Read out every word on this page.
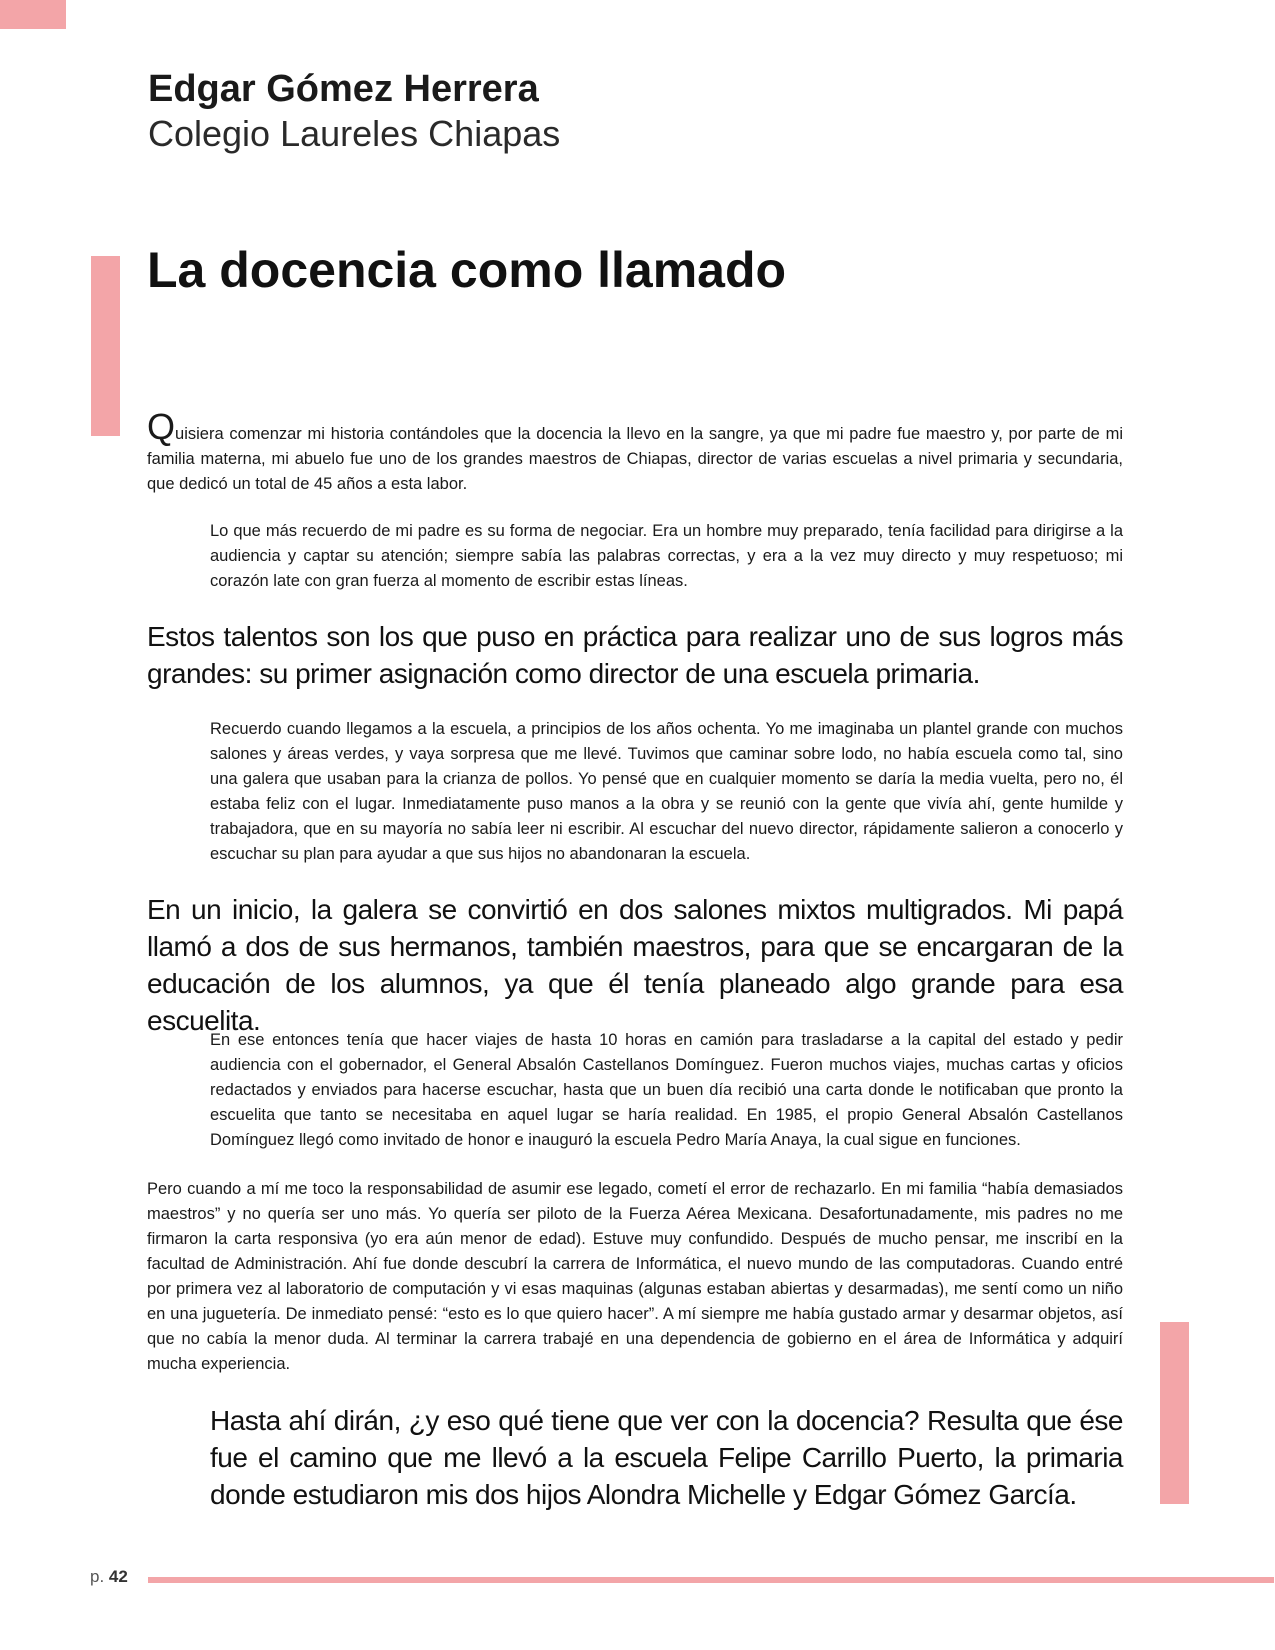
Edgar Gómez Herrera
Colegio Laureles Chiapas
La docencia como llamado

Quisiera comenzar mi historia contándoles que la docencia la llevo en la sangre, ya que mi padre fue maestro y, por parte de mi familia materna, mi abuelo fue uno de los grandes maestros de Chiapas, director de varias escuelas a nivel primaria y secundaria, que dedicó un total de 45 años a esta labor.

Lo que más recuerdo de mi padre es su forma de negociar. Era un hombre muy preparado, tenía facilidad para dirigirse a la audiencia y captar su atención; siempre sabía las palabras correctas, y era a la vez muy directo y muy respetuoso; mi corazón late con gran fuerza al momento de escribir estas líneas.

Estos talentos son los que puso en práctica para realizar uno de sus logros más grandes: su primer asignación como director de una escuela primaria.

Recuerdo cuando llegamos a la escuela, a principios de los años ochenta. Yo me imaginaba un plantel grande con muchos salones y áreas verdes, y vaya sorpresa que me llevé. Tuvimos que caminar sobre lodo, no había escuela como tal, sino una galera que usaban para la crianza de pollos. Yo pensé que en cualquier momento se daría la media vuelta, pero no, él estaba feliz con el lugar. Inmediatamente puso manos a la obra y se reunió con la gente que vivía ahí, gente humilde y trabajadora, que en su mayoría no sabía leer ni escribir. Al escuchar del nuevo director, rápidamente salieron a conocerlo y escuchar su plan para ayudar a que sus hijos no abandonaran la escuela.

En un inicio, la galera se convirtió en dos salones mixtos multigrados. Mi papá llamó a dos de sus hermanos, también maestros, para que se encargaran de la educación de los alumnos, ya que él tenía planeado algo grande para esa escuelita.

En ese entonces tenía que hacer viajes de hasta 10 horas en camión para trasladarse a la capital del estado y pedir audiencia con el gobernador, el General Absalón Castellanos Domínguez. Fueron muchos viajes, muchas cartas y oficios redactados y enviados para hacerse escuchar, hasta que un buen día recibió una carta donde le notificaban que pronto la escuelita que tanto se necesitaba en aquel lugar se haría realidad. En 1985, el propio General Absalón Castellanos Domínguez llegó como invitado de honor e inauguró la escuela Pedro María Anaya, la cual sigue en funciones.

Pero cuando a mí me toco la responsabilidad de asumir ese legado, cometí el error de rechazarlo. En mi familia “había demasiados maestros” y no quería ser uno más. Yo quería ser piloto de la Fuerza Aérea Mexicana. Desafortunadamente, mis padres no me firmaron la carta responsiva (yo era aún menor de edad). Estuve muy confundido. Después de mucho pensar, me inscribí en la facultad de Administración. Ahí fue donde descubrí la carrera de Informática, el nuevo mundo de las computadoras. Cuando entré por primera vez al laboratorio de computación y vi esas maquinas (algunas estaban abiertas y desarmadas), me sentí como un niño en una juguetería. De inmediato pensé: “esto es lo que quiero hacer”. A mí siempre me había gustado armar y desarmar objetos, así que no cabía la menor duda. Al terminar la carrera trabajé en una dependencia de gobierno en el área de Informática y adquirí mucha experiencia.

Hasta ahí dirán, ¿y eso qué tiene que ver con la docencia? Resulta que ése fue el camino que me llevó a la escuela Felipe Carrillo Puerto, la primaria donde estudiaron mis dos hijos Alondra Michelle y Edgar Gómez García.

p. 42
